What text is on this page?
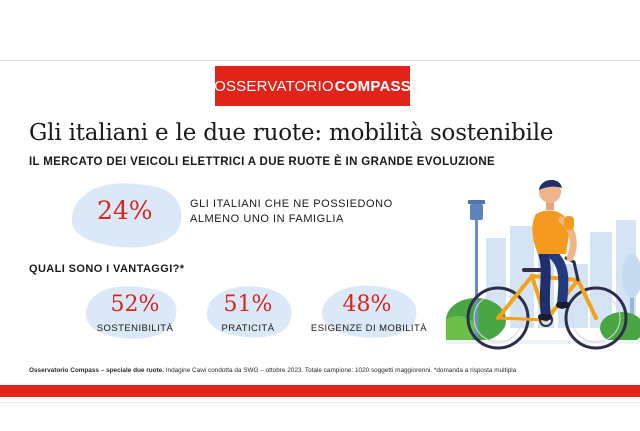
OSSERVATORIO COMPASS
Gli italiani e le due ruote: mobilità sostenibile
IL MERCATO DEI VEICOLI ELETTRICI A DUE RUOTE È IN GRANDE EVOLUZIONE
24%	GLI ITALIANI CHE NE POSSIEDONO
ALMENO UNO IN FAMIGLIA
QUALI SONO I VANTAGGI?*
52%
SOSTENIBILITÀ
51%
PRATICITÀ
48%
ESIGENZE DI MOBILITÀ
Osservatorio Compass – speciale due ruote. Indagine Cawi condotta da SWG – ottobre 2023. Totale campione: 1020 soggetti maggiorenni. *domanda a risposta multipla
